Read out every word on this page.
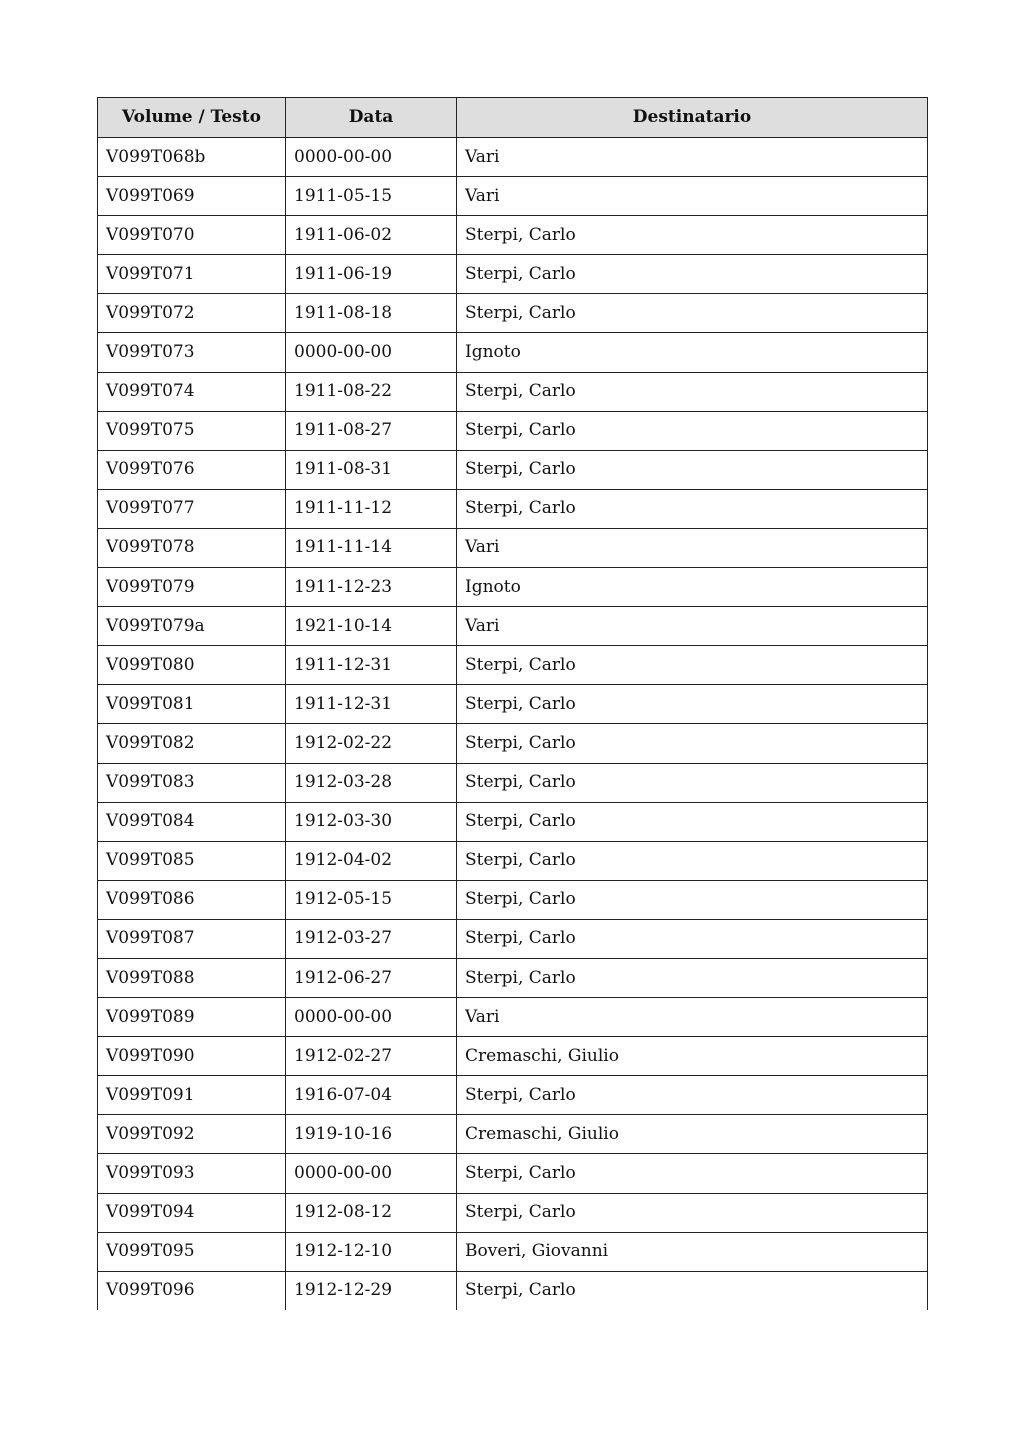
Volume / Testo	Data	Destinatario
V099T068b	0000-00-00	Vari
V099T069	1911-05-15	Vari
V099T070	1911-06-02	Sterpi, Carlo
V099T071	1911-06-19	Sterpi, Carlo
V099T072	1911-08-18	Sterpi, Carlo
V099T073	0000-00-00	Ignoto
V099T074	1911-08-22	Sterpi, Carlo
V099T075	1911-08-27	Sterpi, Carlo
V099T076	1911-08-31	Sterpi, Carlo
V099T077	1911-11-12	Sterpi, Carlo
V099T078	1911-11-14	Vari
V099T079	1911-12-23	Ignoto
V099T079a	1921-10-14	Vari
V099T080	1911-12-31	Sterpi, Carlo
V099T081	1911-12-31	Sterpi, Carlo
V099T082	1912-02-22	Sterpi, Carlo
V099T083	1912-03-28	Sterpi, Carlo
V099T084	1912-03-30	Sterpi, Carlo
V099T085	1912-04-02	Sterpi, Carlo
V099T086	1912-05-15	Sterpi, Carlo
V099T087	1912-03-27	Sterpi, Carlo
V099T088	1912-06-27	Sterpi, Carlo
V099T089	0000-00-00	Vari
V099T090	1912-02-27	Cremaschi, Giulio
V099T091	1916-07-04	Sterpi, Carlo
V099T092	1919-10-16	Cremaschi, Giulio
V099T093	0000-00-00	Sterpi, Carlo
V099T094	1912-08-12	Sterpi, Carlo
V099T095	1912-12-10	Boveri, Giovanni
V099T096	1912-12-29	Sterpi, Carlo
